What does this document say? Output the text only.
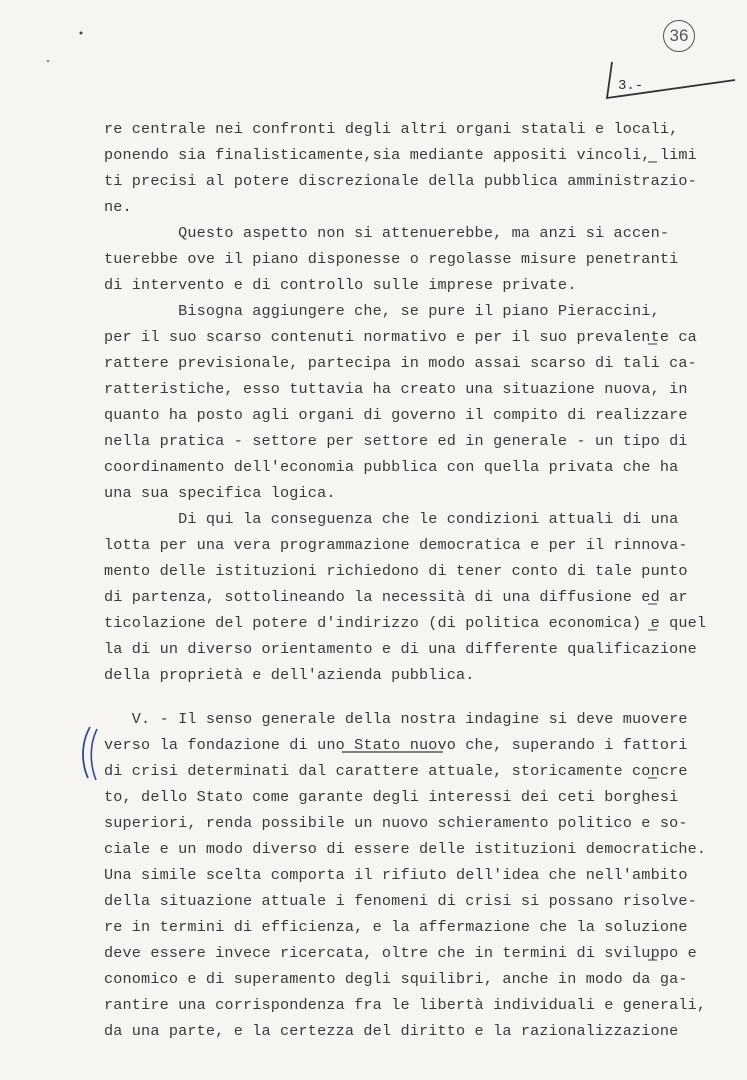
36
3.-
re centrale nei confronti degli altri organi statali e locali,
ponendo sia finalisticamente,sia mediante appositi vincoli, limi
ti precisi al potere discrezionale della pubblica amministrazio-
ne.
Questo aspetto non si attenuerebbe, ma anzi si accen-
tuerebbe ove il piano disponesse o regolasse misure penetranti
di intervento e di controllo sulle imprese private.
Bisogna aggiungere che, se pure il piano Pieraccini,
per il suo scarso contenuti normativo e per il suo prevalente ca
rattere previsionale, partecipa in modo assai scarso di tali ca-
ratteristiche, esso tuttavia ha creato una situazione nuova, in
quanto ha posto agli organi di governo il compito di realizzare
nella pratica - settore per settore ed in generale - un tipo di
coordinamento dell'economia pubblica con quella privata che ha
una sua specifica logica.
Di qui la conseguenza che le condizioni attuali di una
lotta per una vera programmazione democratica e per il rinnova-
mento delle istituzioni richiedono di tener conto di tale punto
di partenza, sottolineando la necessità di una diffusione ed ar
ticolazione del potere d'indirizzo (di politica economica) e quel
la di un diverso orientamento e di una differente qualificazione
della proprietà e dell'azienda pubblica.
V. - Il senso generale della nostra indagine si deve muovere
verso la fondazione di uno Stato nuovo che, superando i fattori
di crisi determinati dal carattere attuale, storicamente concre
to, dello Stato come garante degli interessi dei ceti borghesi
superiori, renda possibile un nuovo schieramento politico e so-
ciale e un modo diverso di essere delle istituzioni democratiche.
Una simile scelta comporta il rifiuto dell'idea che nell'ambito
della situazione attuale i fenomeni di crisi si possano risolve-
re in termini di efficienza, e la affermazione che la soluzione
deve essere invece ricercata, oltre che in termini di sviluppo e
conomico e di superamento degli squilibri, anche in modo da ga-
rantire una corrispondenza fra le libertà individuali e generali,
da una parte, e la certezza del diritto e la razionalizzazione
